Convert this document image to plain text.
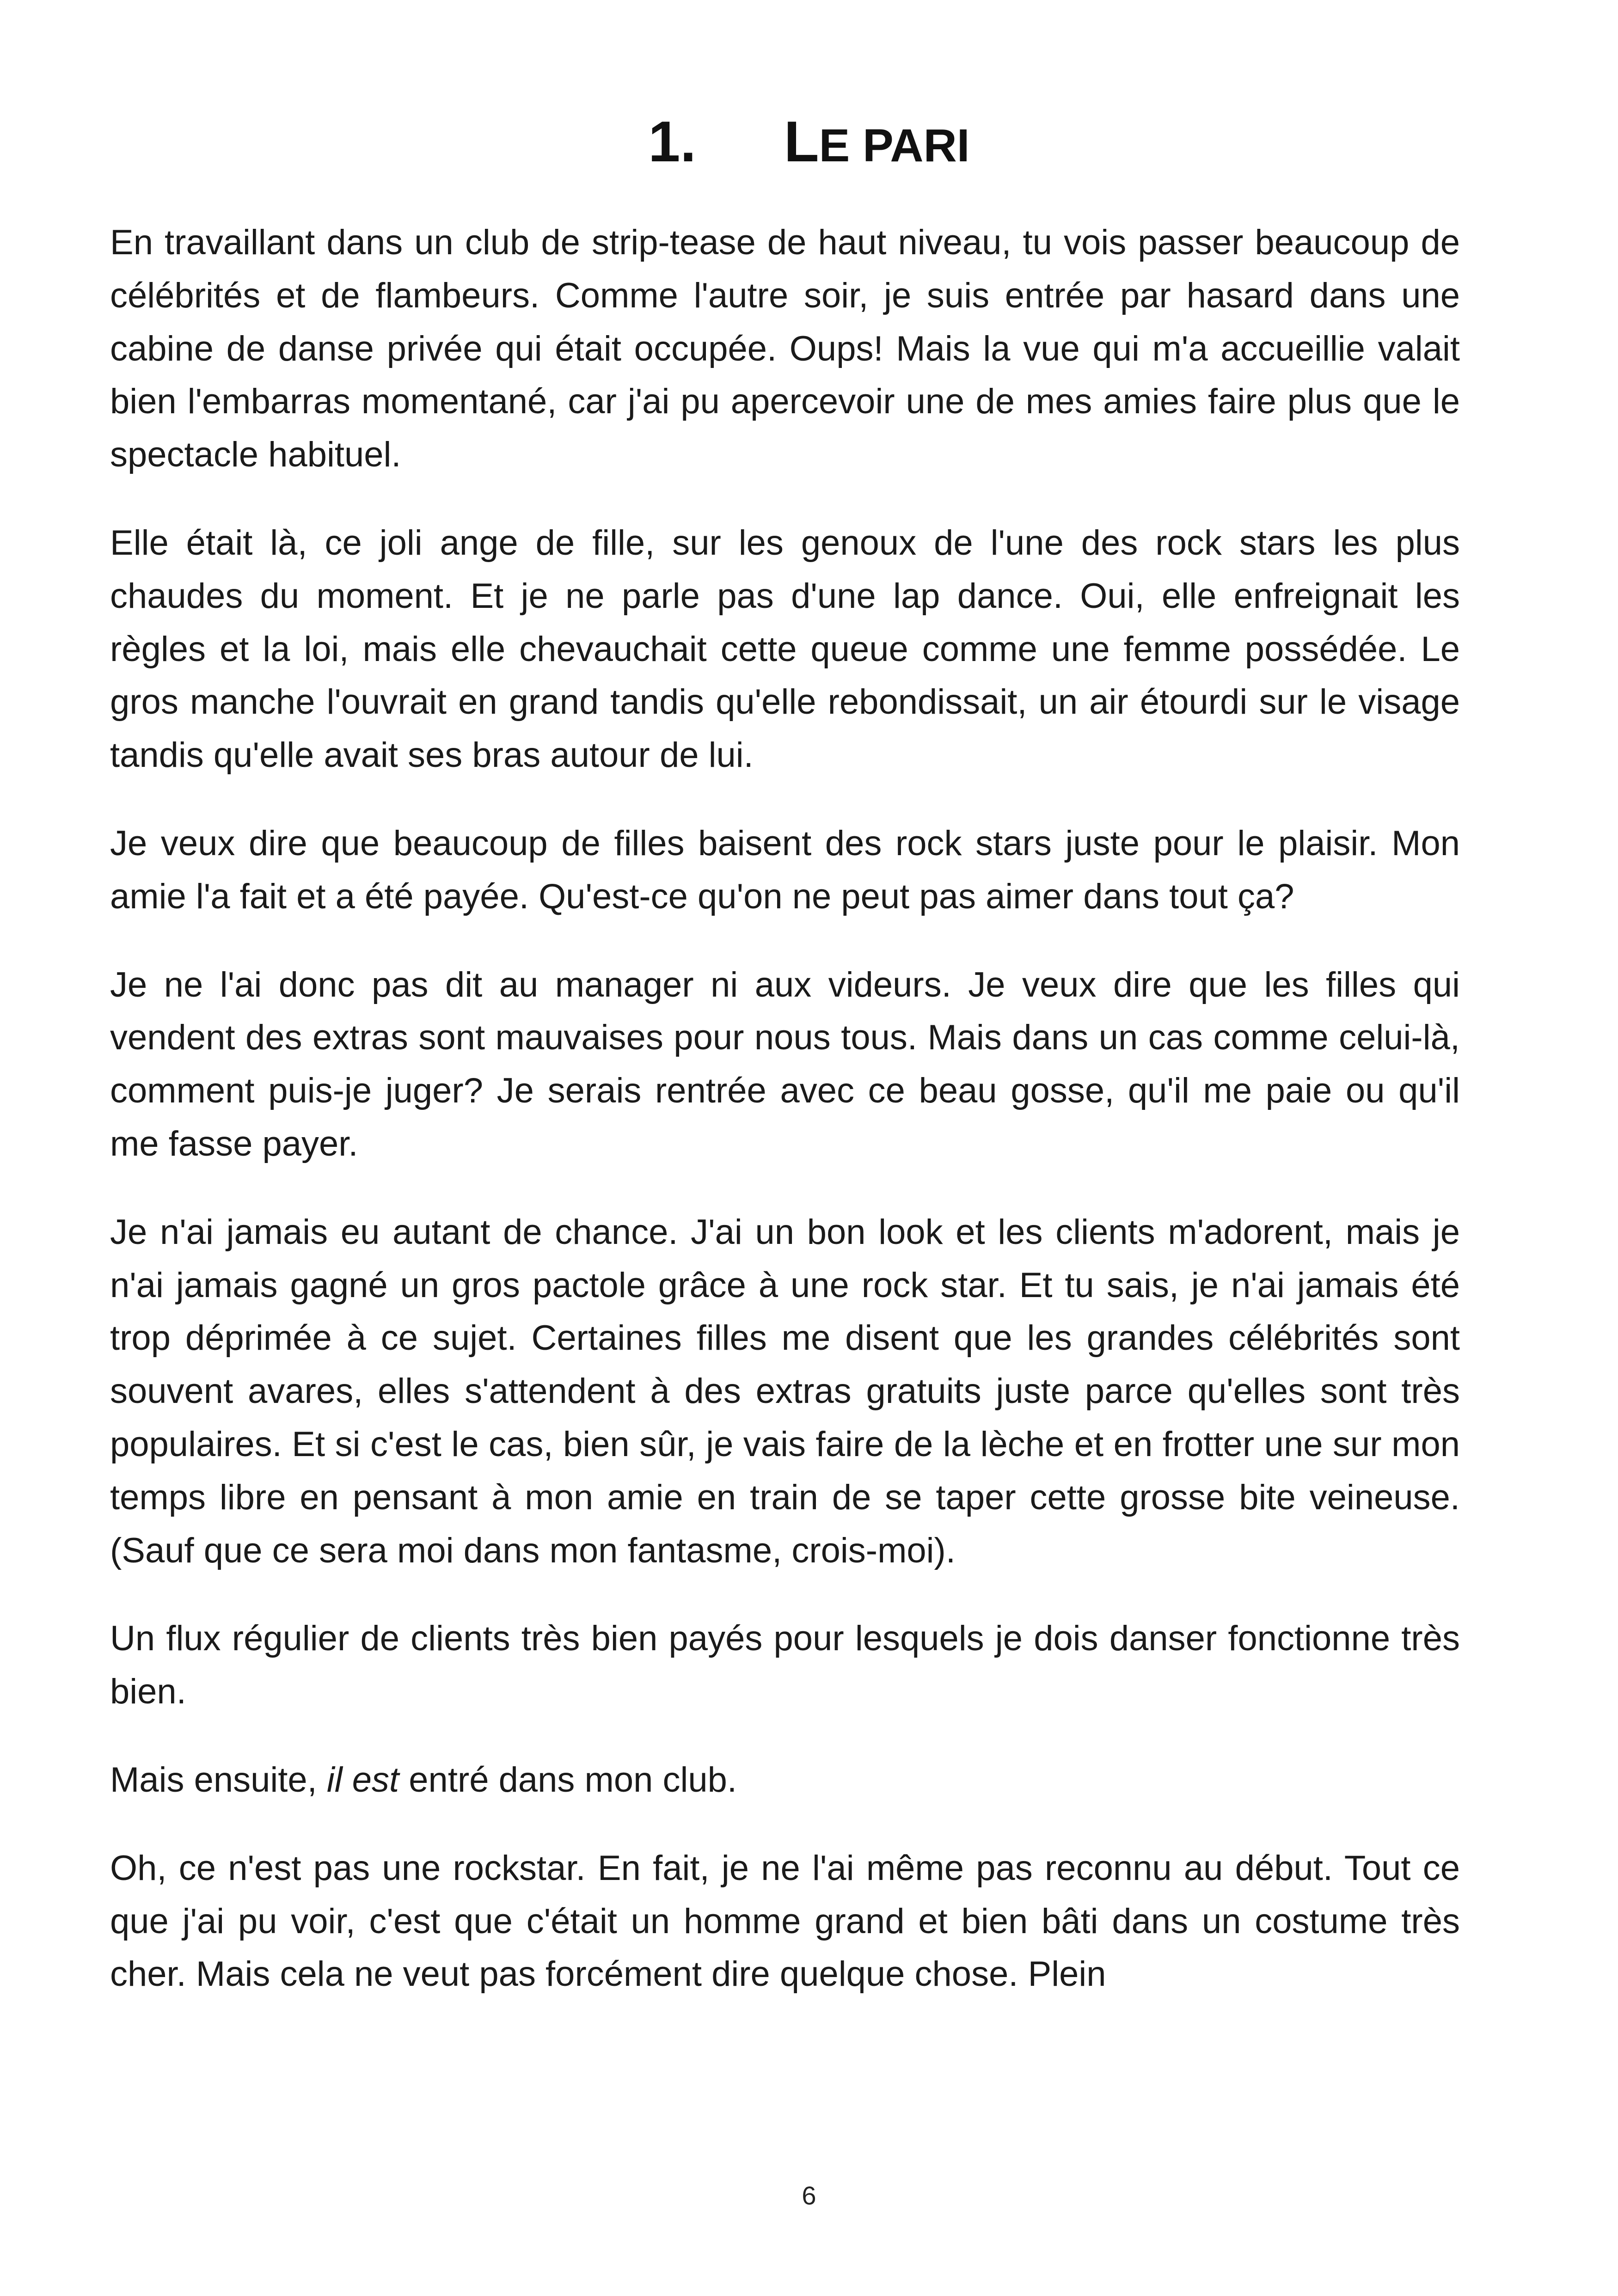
1. LE PARI

En travaillant dans un club de strip-tease de haut niveau, tu vois passer beaucoup de célébrités et de flambeurs. Comme l'autre soir, je suis entrée par hasard dans une cabine de danse privée qui était occupée. Oups! Mais la vue qui m'a accueillie valait bien l'embarras momentané, car j'ai pu apercevoir une de mes amies faire plus que le spectacle habituel.

Elle était là, ce joli ange de fille, sur les genoux de l'une des rock stars les plus chaudes du moment. Et je ne parle pas d'une lap dance. Oui, elle enfreignait les règles et la loi, mais elle chevauchait cette queue comme une femme possédée. Le gros manche l'ouvrait en grand tandis qu'elle rebondissait, un air étourdi sur le visage tandis qu'elle avait ses bras autour de lui.

Je veux dire que beaucoup de filles baisent des rock stars juste pour le plaisir. Mon amie l'a fait et a été payée. Qu'est-ce qu'on ne peut pas aimer dans tout ça?

Je ne l'ai donc pas dit au manager ni aux videurs. Je veux dire que les filles qui vendent des extras sont mauvaises pour nous tous. Mais dans un cas comme celui-là, comment puis-je juger? Je serais rentrée avec ce beau gosse, qu'il me paie ou qu'il me fasse payer.

Je n'ai jamais eu autant de chance. J'ai un bon look et les clients m'adorent, mais je n'ai jamais gagné un gros pactole grâce à une rock star. Et tu sais, je n'ai jamais été trop déprimée à ce sujet. Certaines filles me disent que les grandes célébrités sont souvent avares, elles s'attendent à des extras gratuits juste parce qu'elles sont très populaires. Et si c'est le cas, bien sûr, je vais faire de la lèche et en frotter une sur mon temps libre en pensant à mon amie en train de se taper cette grosse bite veineuse. (Sauf que ce sera moi dans mon fantasme, crois-moi).

Un flux régulier de clients très bien payés pour lesquels je dois danser fonctionne très bien.

Mais ensuite, il est entré dans mon club.

Oh, ce n'est pas une rockstar. En fait, je ne l'ai même pas reconnu au début. Tout ce que j'ai pu voir, c'est que c'était un homme grand et bien bâti dans un costume très cher. Mais cela ne veut pas forcément dire quelque chose. Plein

6
